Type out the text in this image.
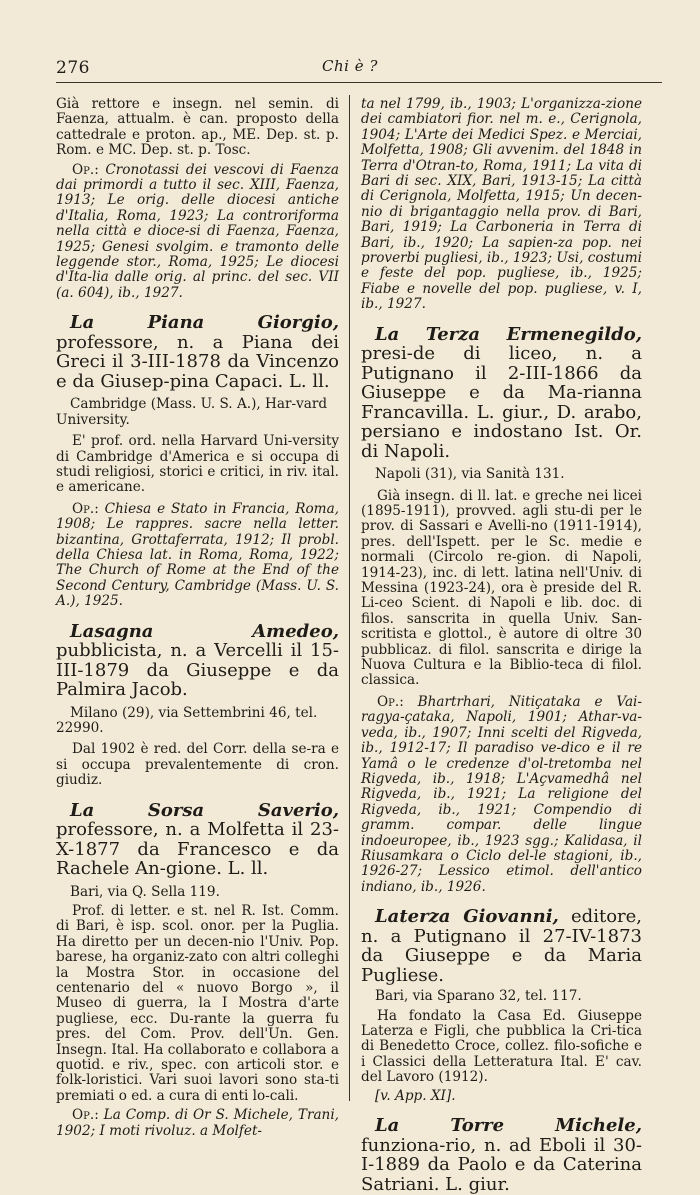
276	Chi è ?

Già rettore e insegn. nel semin. di Faenza, attualm. è can. proposto della cattedrale e proton. ap., ME. Dep. st. p. Rom. e MC. Dep. st. p. Tosc.

Op.: Cronotassi dei vescovi di Faenza dai primordi a tutto il sec. XIII, Faenza, 1913; Le orig. delle diocesi antiche d'Italia, Roma, 1923; La controriforma nella città e dioce-si di Faenza, Faenza, 1925; Genesi svolgim. e tramonto delle leggende stor., Roma, 1925; Le diocesi d'Ita-lia dalle orig. al princ. del sec. VII (a. 604), ib., 1927.

La Piana Giorgio, professore, n. a Piana dei Greci il 3-III-1878 da Vincenzo e da Giusep-pina Capaci. L. ll.

Cambridge (Mass. U. S. A.), Har-vard University.

E' prof. ord. nella Harvard Uni-versity di Cambridge d'America e si occupa di studi religiosi, storici e critici, in riv. ital. e americane.

Op.: Chiesa e Stato in Francia, Roma, 1908; Le rappres. sacre nella letter. bizantina, Grottaferrata, 1912; Il probl. della Chiesa lat. in Roma, Roma, 1922; The Church of Rome at the End of the Second Century, Cambridge (Mass. U. S. A.), 1925.

Lasagna Amedeo, pubblicista, n. a Vercelli il 15-III-1879 da Giuseppe e da Palmira Jacob.

Milano (29), via Settembrini 46, tel. 22990.

Dal 1902 è red. del Corr. della se-ra e si occupa prevalentemente di cron. giudiz.

La Sorsa Saverio, professore, n. a Molfetta il 23-X-1877 da Francesco e da Rachele An-gione. L. ll.

Bari, via Q. Sella 119.

Prof. di letter. e st. nel R. Ist. Comm. di Bari, è isp. scol. onor. per la Puglia. Ha diretto per un decen-nio l'Univ. Pop. barese, ha organiz-zato con altri colleghi la Mostra Stor. in occasione del centenario del « nuovo Borgo », il Museo di guerra, la I Mostra d'arte pugliese, ecc. Du-rante la guerra fu pres. del Com. Prov. dell'Un. Gen. Insegn. Ital. Ha collaborato e collabora a quotid. e riv., spec. con articoli stor. e folk-loristici. Vari suoi lavori sono sta-ti premiati o ed. a cura di enti lo-cali.

Op.: La Comp. di Or S. Michele, Trani, 1902; I moti rivoluz. a Molfet-

ta nel 1799, ib., 1903; L'organizza-zione dei cambiatori fior. nel m. e., Cerignola, 1904; L'Arte dei Medici Spez. e Merciai, Molfetta, 1908; Gli avvenim. del 1848 in Terra d'Otran-to, Roma, 1911; La vita di Bari di sec. XIX, Bari, 1913-15; La città di Cerignola, Molfetta, 1915; Un decen-nio di brigantaggio nella prov. di Bari, Bari, 1919; La Carboneria in Terra di Bari, ib., 1920; La sapien-za pop. nei proverbi pugliesi, ib., 1923; Usi, costumi e feste del pop. pugliese, ib., 1925; Fiabe e novelle del pop. pugliese, v. I, ib., 1927.

La Terza Ermenegildo, presi-de di liceo, n. a Putignano il 2-III-1866 da Giuseppe e da Ma-rianna Francavilla. L. giur., D. arabo, persiano e indostano Ist. Or. di Napoli.

Napoli (31), via Sanità 131.

Già insegn. di ll. lat. e greche nei licei (1895-1911), provved. agli stu-di per le prov. di Sassari e Avelli-no (1911-1914), pres. dell'Ispett. per le Sc. medie e normali (Circolo re-gion. di Napoli, 1914-23), inc. di lett. latina nell'Univ. di Messina (1923-24), ora è preside del R. Li-ceo Scient. di Napoli e lib. doc. di filos. sanscrita in quella Univ. San-scritista e glottol., è autore di oltre 30 pubblicaz. di filol. sanscrita e dirige la Nuova Cultura e la Biblio-teca di filol. classica.

Op.: Bhartrhari, Nitiçataka e Vai-ragya-çataka, Napoli, 1901; Athar-va-veda, ib., 1907; Inni scelti del Rigveda, ib., 1912-17; Il paradiso ve-dico e il re Yamâ o le credenze d'ol-tretomba nel Rigveda, ib., 1918; L'Açvamedhâ nel Rigveda, ib., 1921; La religione del Rigveda, ib., 1921; Compendio di gramm. compar. delle lingue indoeuropee, ib., 1923 sgg.; Kalidasa, il Riusamkara o Ciclo del-le stagioni, ib., 1926-27; Lessico etimol. dell'antico indiano, ib., 1926.

Laterza Giovanni, editore, n. a Putignano il 27-IV-1873 da Giuseppe e da Maria Pugliese.

Bari, via Sparano 32, tel. 117.

Ha fondato la Casa Ed. Giuseppe Laterza e Figli, che pubblica la Cri-tica di Benedetto Croce, collez. filo-sofiche e i Classici della Letteratura Ital. E' cav. del Lavoro (1912).

[v. App. XI].

La Torre Michele, funziona-rio, n. ad Eboli il 30-I-1889 da Paolo e da Caterina Satriani. L. giur.
